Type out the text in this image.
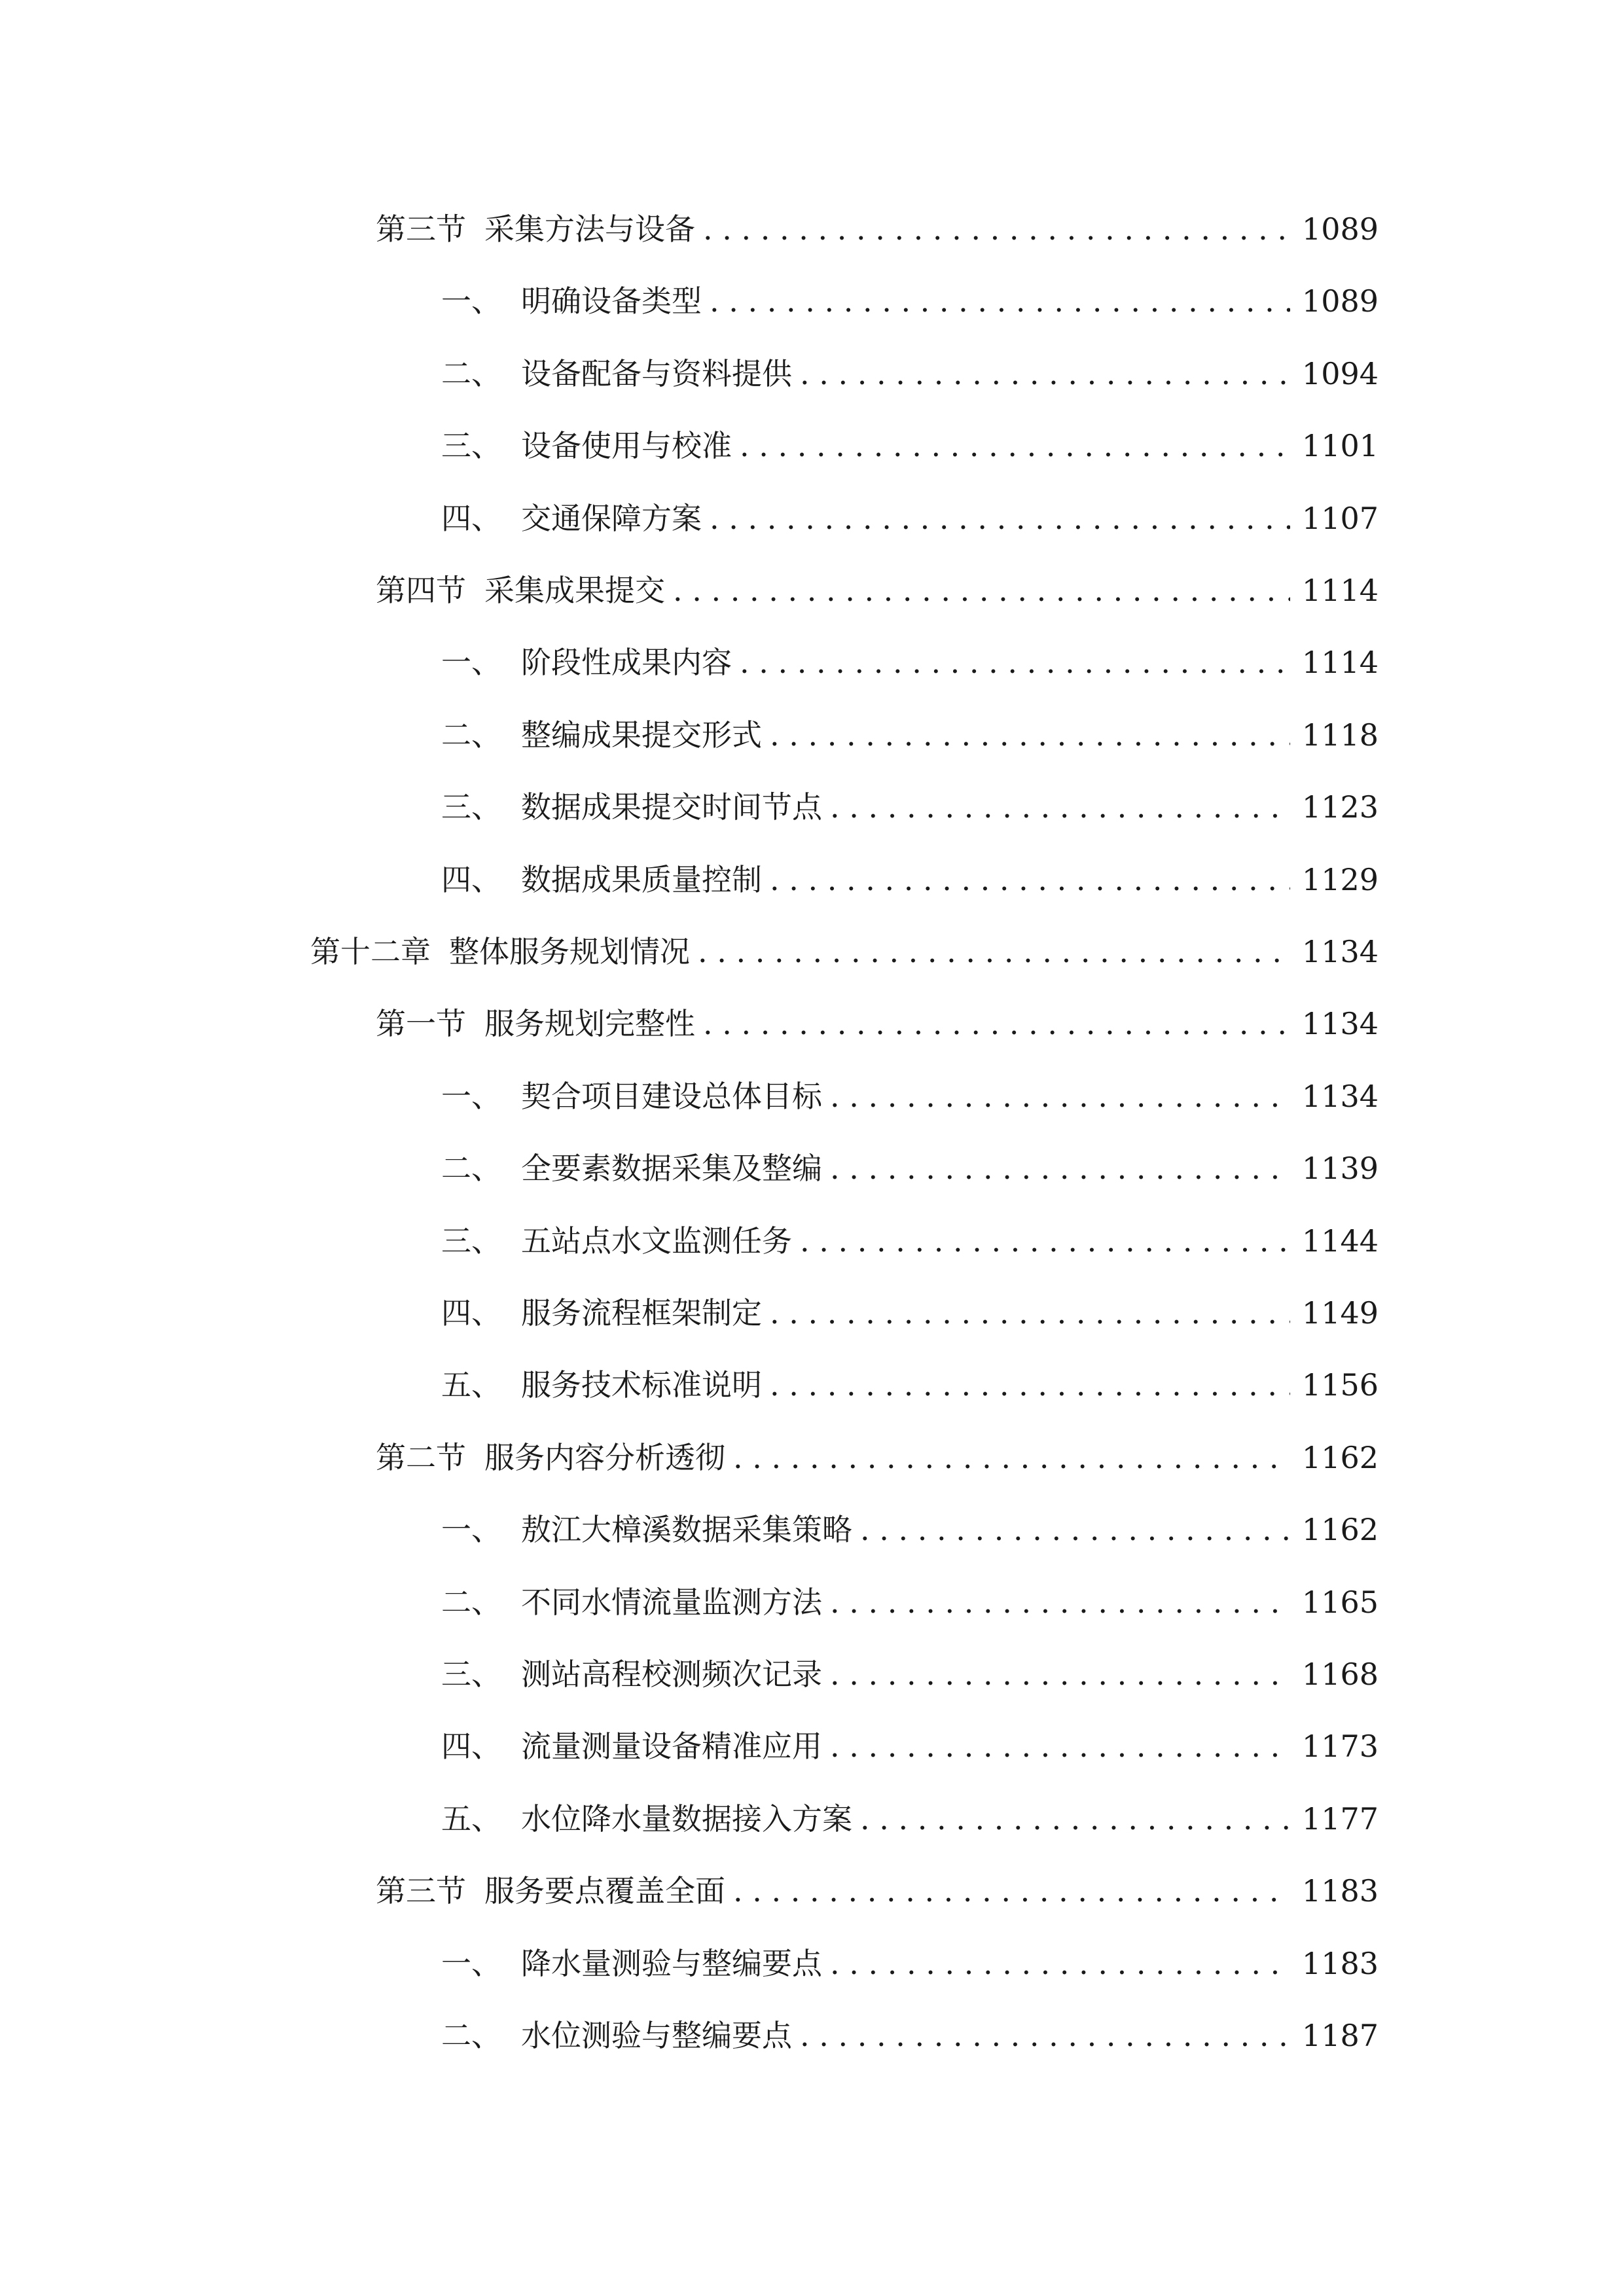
第三节 采集方法与设备 . . .	1089
一、 明确设备类型 . . .	1089
二、 设备配备与资料提供 . . .	1094
三、 设备使用与校准 . . .	1101
四、 交通保障方案 . . .	1107
第四节 采集成果提交 . . .	1114
一、 阶段性成果内容 . . .	1114
二、 整编成果提交形式 . . .	1118
三、 数据成果提交时间节点 . . .	1123
四、 数据成果质量控制 . . .	1129
第十二章 整体服务规划情况 . . .	1134
第一节 服务规划完整性 . . .	1134
一、 契合项目建设总体目标 . . .	1134
二、 全要素数据采集及整编 . . .	1139
三、 五站点水文监测任务 . . .	1144
四、 服务流程框架制定 . . .	1149
五、 服务技术标准说明 . . .	1156
第二节 服务内容分析透彻 . . .	1162
一、 敖江大樟溪数据采集策略 . . .	1162
二、 不同水情流量监测方法 . . .	1165
三、 测站高程校测频次记录 . . .	1168
四、 流量测量设备精准应用 . . .	1173
五、 水位降水量数据接入方案 . . .	1177
第三节 服务要点覆盖全面 . . .	1183
一、 降水量测验与整编要点 . . .	1183
二、 水位测验与整编要点 . . .	1187
